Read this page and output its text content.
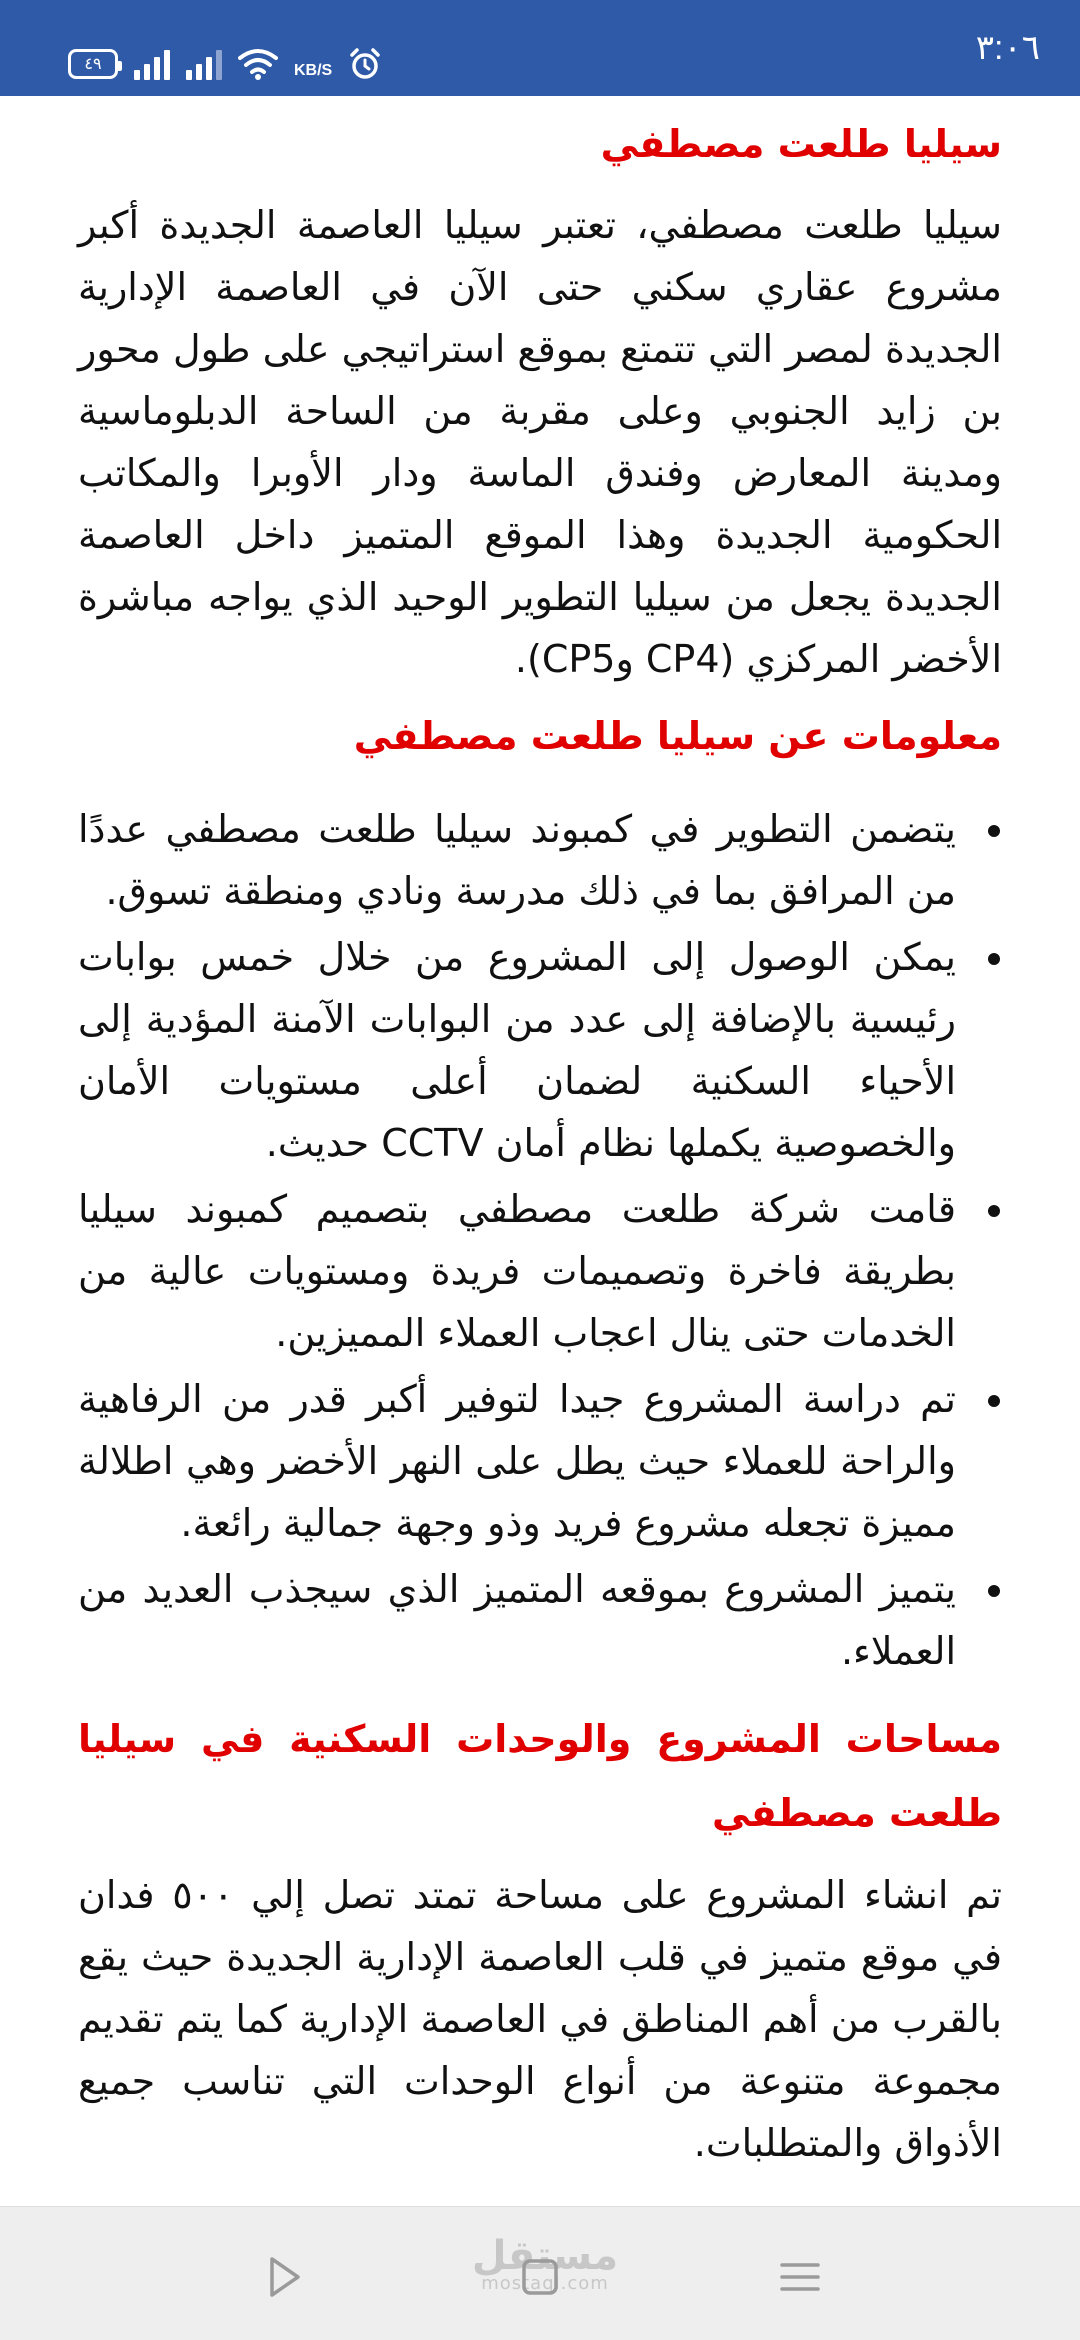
٤٩	KB/S
٣:٠٦
سيليا طلعت مصطفي

سيليا طلعت مصطفي، تعتبر سيليا العاصمة الجديدة أكبر مشروع عقاري سكني حتى الآن في العاصمة الإدارية الجديدة لمصر التي تتمتع بموقع استراتيجي على طول محور بن زايد الجنوبي وعلى مقربة من الساحة الدبلوماسية ومدينة المعارض وفندق الماسة ودار الأوبرا والمكاتب الحكومية الجديدة وهذا الموقع المتميز داخل العاصمة الجديدة يجعل من سيليا التطوير الوحيد الذي يواجه مباشرة الأخضر المركزي (CP4 وCP5).

معلومات عن سيليا طلعت مصطفي
يتضمن التطوير في كمبوند سيليا طلعت مصطفي عددًا من المرافق بما في ذلك مدرسة ونادي ومنطقة تسوق.
يمكن الوصول إلى المشروع من خلال خمس بوابات رئيسية بالإضافة إلى عدد من البوابات الآمنة المؤدية إلى الأحياء السكنية لضمان أعلى مستويات الأمان والخصوصية يكملها نظام أمان CCTV حديث.
قامت شركة طلعت مصطفي بتصميم كمبوند سيليا بطريقة فاخرة وتصميمات فريدة ومستويات عالية من الخدمات حتى ينال اعجاب العملاء المميزين.
تم دراسة المشروع جيدا لتوفير أكبر قدر من الرفاهية والراحة للعملاء حيث يطل على النهر الأخضر وهي اطلالة مميزة تجعله مشروع فريد وذو وجهة جمالية رائعة.
يتميز المشروع بموقعه المتميز الذي سيجذب العديد من العملاء.
مساحات المشروع والوحدات السكنية في سيليا طلعت مصطفي

تم انشاء المشروع على مساحة تمتد تصل إلي ٥٠٠ فدان في موقع متميز في قلب العاصمة الإدارية الجديدة حيث يقع بالقرب من أهم المناطق في العاصمة الإدارية كما يتم تقديم مجموعة متنوعة من أنواع الوحدات التي تناسب جميع الأذواق والمتطلبات.

مستقل
mostaql.com
